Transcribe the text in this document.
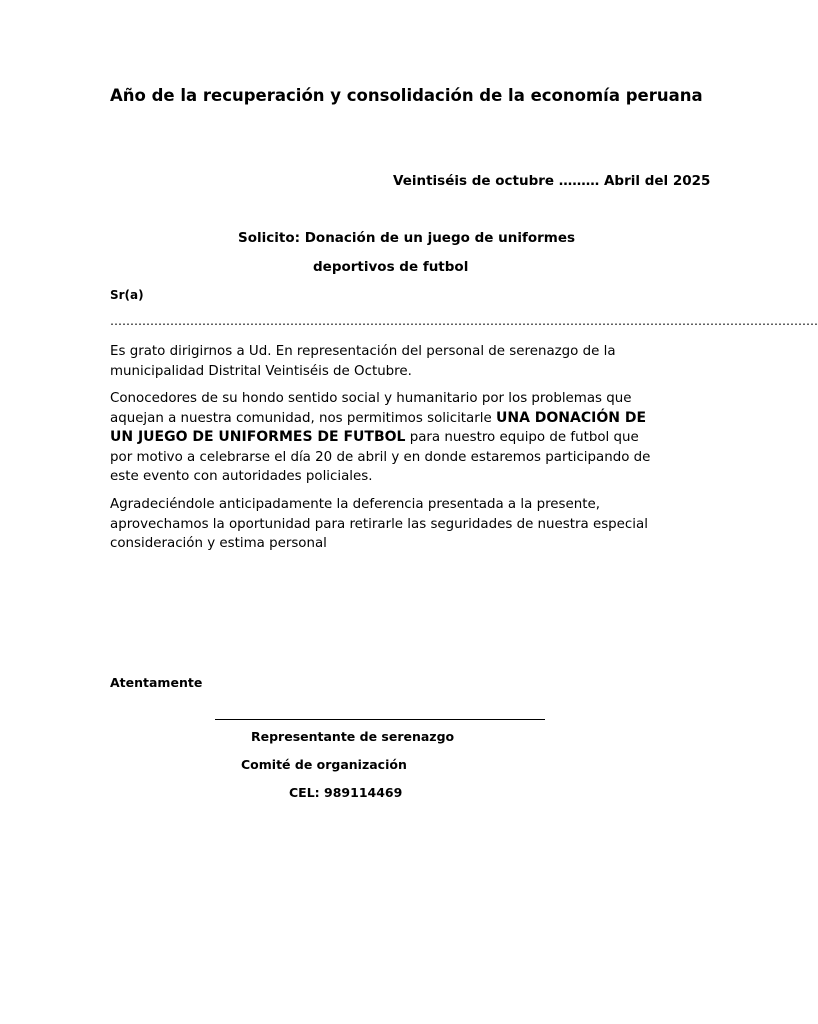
Año de la recuperación y consolidación de la economía peruana

Veintiséis de octubre ……… Abril del 2025

Solicito: Donación de un juego de uniformes

deportivos de futbol

Sr(a)

……………………………………………………………………………………………………………………………………………………………

Es grato dirigirnos a Ud. En representación del personal de serenazgo de la municipalidad Distrital Veintiséis de Octubre.

Conocedores de su hondo sentido social y humanitario por los problemas que aquejan a nuestra comunidad, nos permitimos solicitarle UNA DONACIÓN DE UN JUEGO DE UNIFORMES DE FUTBOL para nuestro equipo de futbol que por motivo a celebrarse el día 20 de abril y en donde estaremos participando de este evento con autoridades policiales.

Agradeciéndole anticipadamente la deferencia presentada a la presente, aprovechamos la oportunidad para retirarle las seguridades de nuestra especial consideración y estima personal

Atentamente

Representante de serenazgo

Comité de organización

CEL: 989114469
